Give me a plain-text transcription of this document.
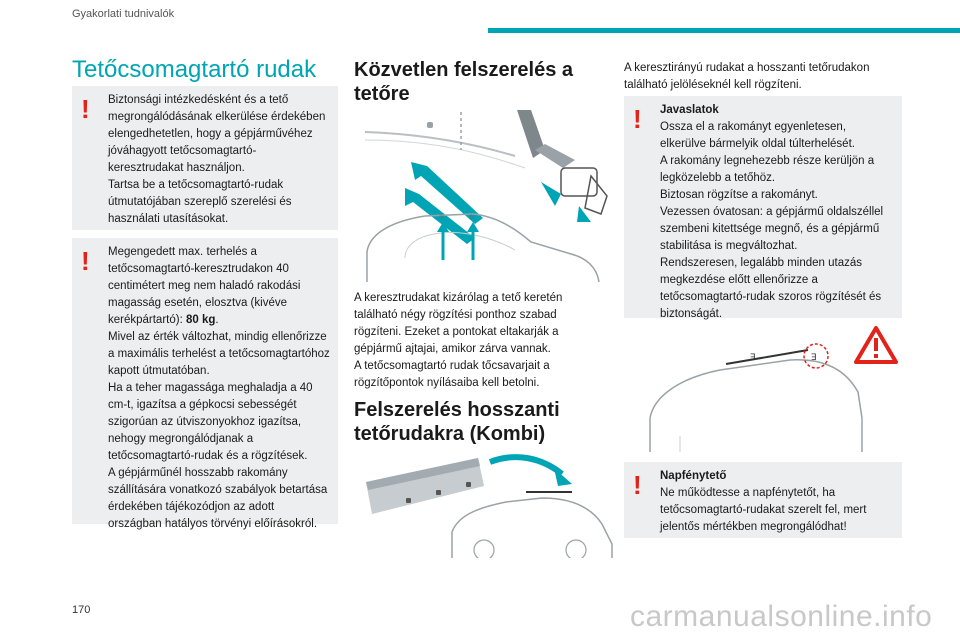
Gyakorlati tudnivalók
Tetőcsomagtartó rudak
!	Biztonsági intézkedésként és a tető megrongálódásának elkerülése érdekében elengedhetetlen, hogy a gépjárművéhez jóváhagyott tetőcsomagtartó-keresztrudakat használjon.
Tartsa be a tetőcsomagtartó-rudak útmutatójában szereplő szerelési és használati utasításokat.
!	Megengedett max. terhelés a tetőcsomagtartó-keresztrudakon 40 centimétert meg nem haladó rakodási magasság esetén, elosztva (kivéve kerékpártartó): 80 kg.
Mivel az érték változhat, mindig ellenőrizze a maximális terhelést a tetőcsomagtartóhoz kapott útmutatóban.
Ha a teher magassága meghaladja a 40 cm-t, igazítsa a gépkocsi sebességét szigorúan az útviszonyokhoz igazítsa, nehogy megrongálódjanak a tetőcsomagtartó-rudak és a rögzítések.
A gépjárműnél hosszabb rakomány szállítására vonatkozó szabályok betartása érdekében tájékozódjon az adott országban hatályos törvényi előírásokról.
Közvetlen felszerelés a
tetőre
☼	☼
A keresztrudakat kizárólag a tető keretén található négy rögzítési ponthoz szabad rögzíteni. Ezeket a pontokat eltakarják a gépjármű ajtajai, amikor zárva vannak.
A tetőcsomagtartó rudak tőcsavarjait a rögzítőpontok nyílásaiba kell betolni.
Felszerelés hosszanti
tetőrudakra (Kombi)
A keresztirányú rudakat a hosszanti tetőrudakon található jelöléseknél kell rögzíteni.
!	Javaslatok
Ossza el a rakományt egyenletesen, elkerülve bármelyik oldal túlterhelését.
A rakomány legnehezebb része kerüljön a legközelebb a tetőhöz.
Biztosan rögzítse a rakományt.
Vezessen óvatosan: a gépjármű oldalszéllel szembeni kitettsége megnő, és a gépjármű stabilitása is megváltozhat.
Rendszeresen, legalább minden utazás megkezdése előtt ellenőrizze a tetőcsomagtartó-rudak szoros rögzítését és biztonságát.
ꓱ	ꓱ
!	Napfénytető
Ne működtesse a napfénytetőt, ha tetőcsomagtartó-rudakat szerelt fel, mert jelentős mértékben megrongálódhat!
170	carmanualsonline.info
